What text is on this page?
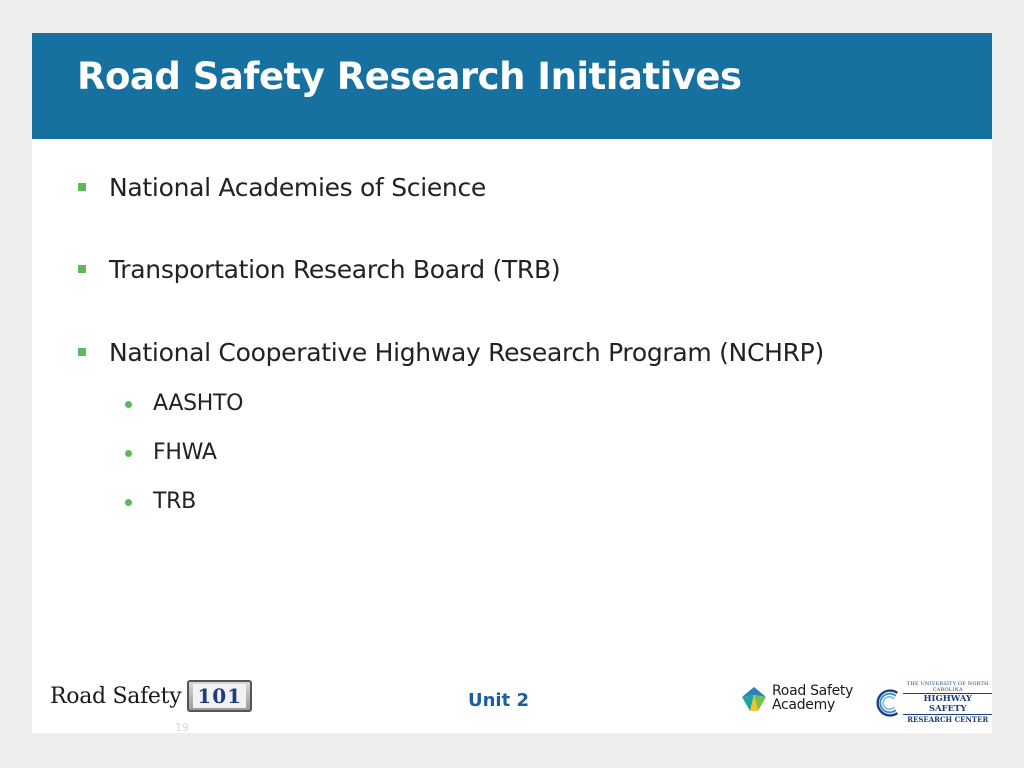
Road Safety Research Initiatives
National Academies of Science
Transportation Research Board (TRB)
National Cooperative Highway Research Program (NCHRP)
AASHTO
FHWA
TRB
Road Safety 101	Unit 2	Road Safety
Academy
THE UNIVERSITY OF NORTH CAROLINA
HIGHWAY SAFETY
RESEARCH CENTER
19
